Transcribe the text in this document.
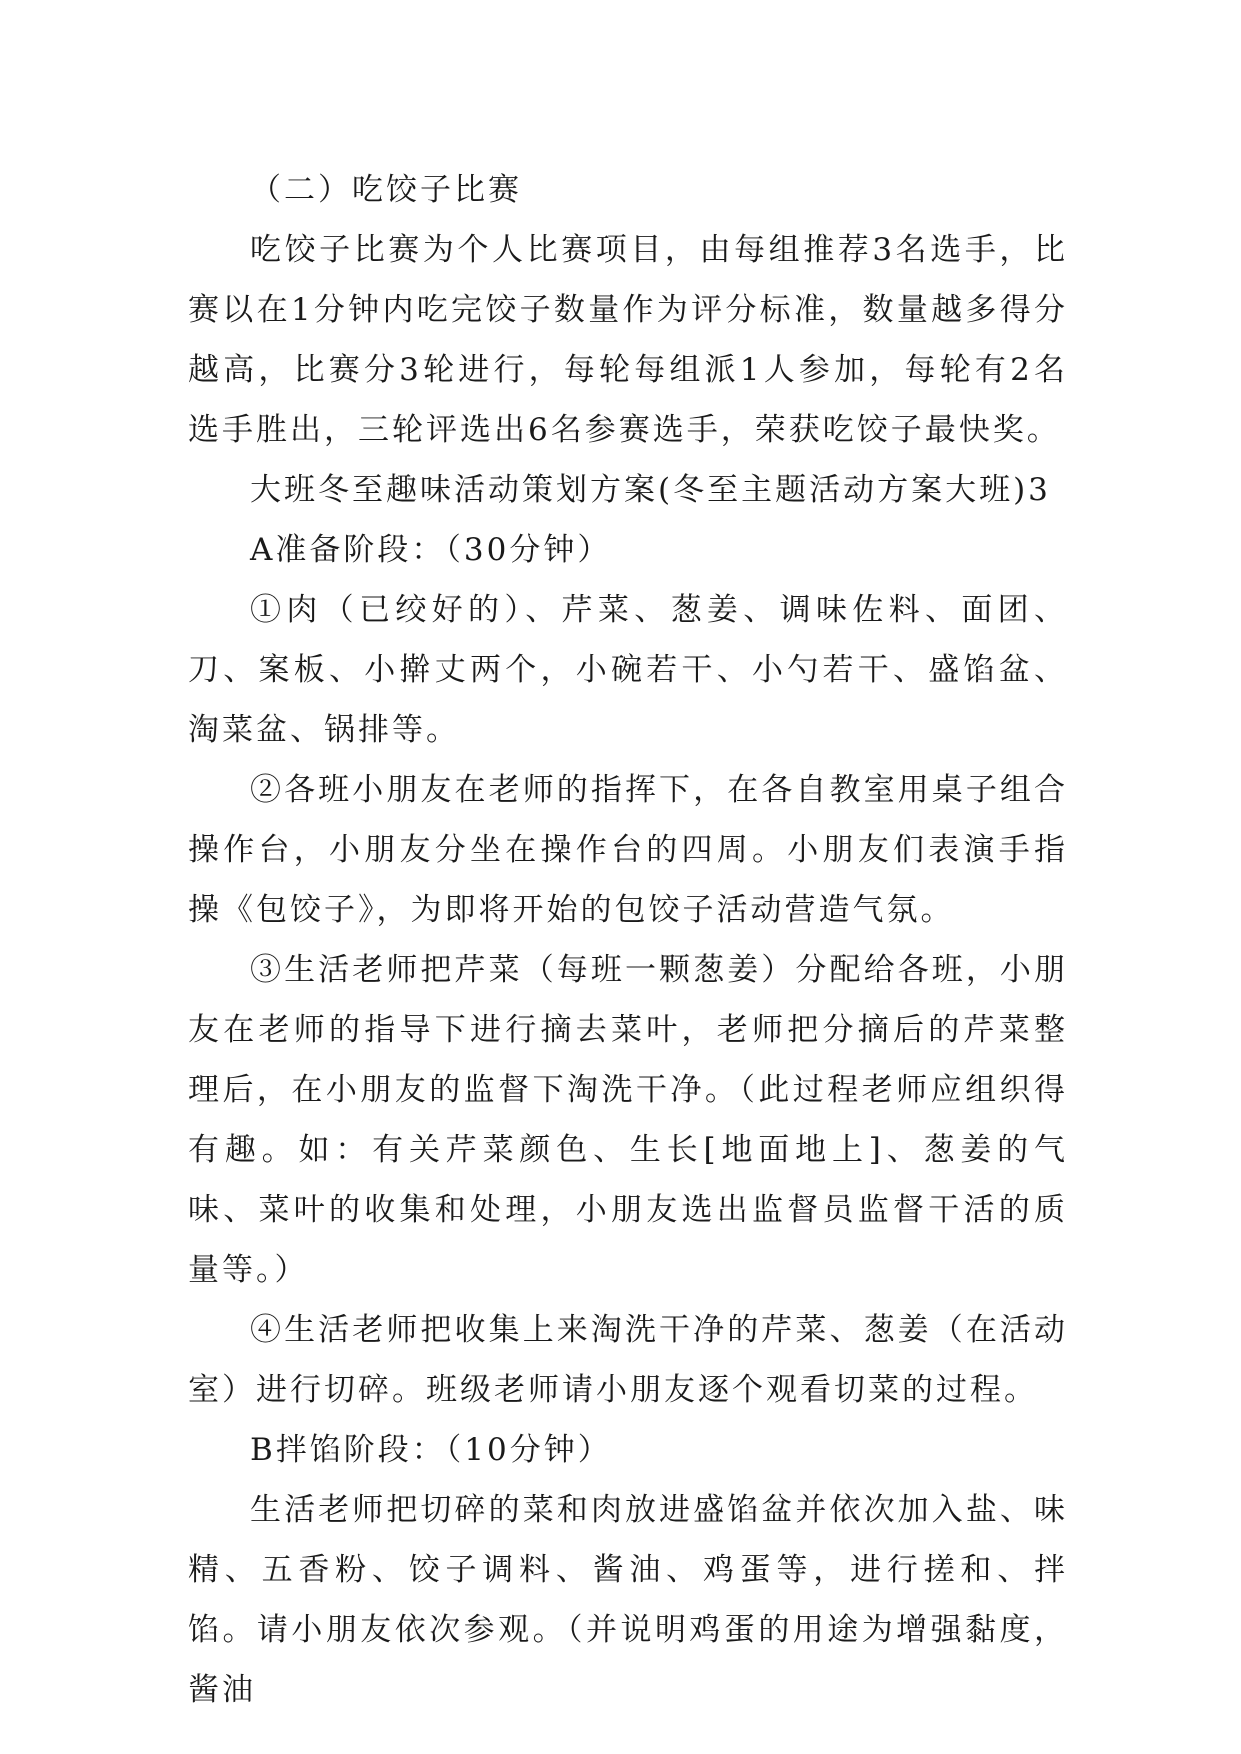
（二）吃饺子比赛

吃饺子比赛为个人比赛项目，由每组推荐3名选手，比赛以在1分钟内吃完饺子数量作为评分标准，数量越多得分越高，比赛分3轮进行，每轮每组派1人参加，每轮有2名选手胜出，三轮评选出6名参赛选手，荣获吃饺子最快奖。

大班冬至趣味活动策划方案(冬至主题活动方案大班)3

A准备阶段：（30分钟）

①肉（已绞好的）、芹菜、葱姜、调味佐料、面团、刀、案板、小擀丈两个，小碗若干、小勺若干、盛馅盆、淘菜盆、锅排等。

②各班小朋友在老师的指挥下，在各自教室用桌子组合操作台，小朋友分坐在操作台的四周。小朋友们表演手指操《包饺子》，为即将开始的包饺子活动营造气氛。

③生活老师把芹菜（每班一颗葱姜）分配给各班，小朋友在老师的指导下进行摘去菜叶，老师把分摘后的芹菜整理后，在小朋友的监督下淘洗干净。（此过程老师应组织得有趣。如：有关芹菜颜色、生长[地面地上]、葱姜的气味、菜叶的收集和处理，小朋友选出监督员监督干活的质量等。）

④生活老师把收集上来淘洗干净的芹菜、葱姜（在活动室）进行切碎。班级老师请小朋友逐个观看切菜的过程。

B拌馅阶段：（10分钟）

生活老师把切碎的菜和肉放进盛馅盆并依次加入盐、味精、五香粉、饺子调料、酱油、鸡蛋等，进行搓和、拌馅。请小朋友依次参观。（并说明鸡蛋的用途为增强黏度，酱油
